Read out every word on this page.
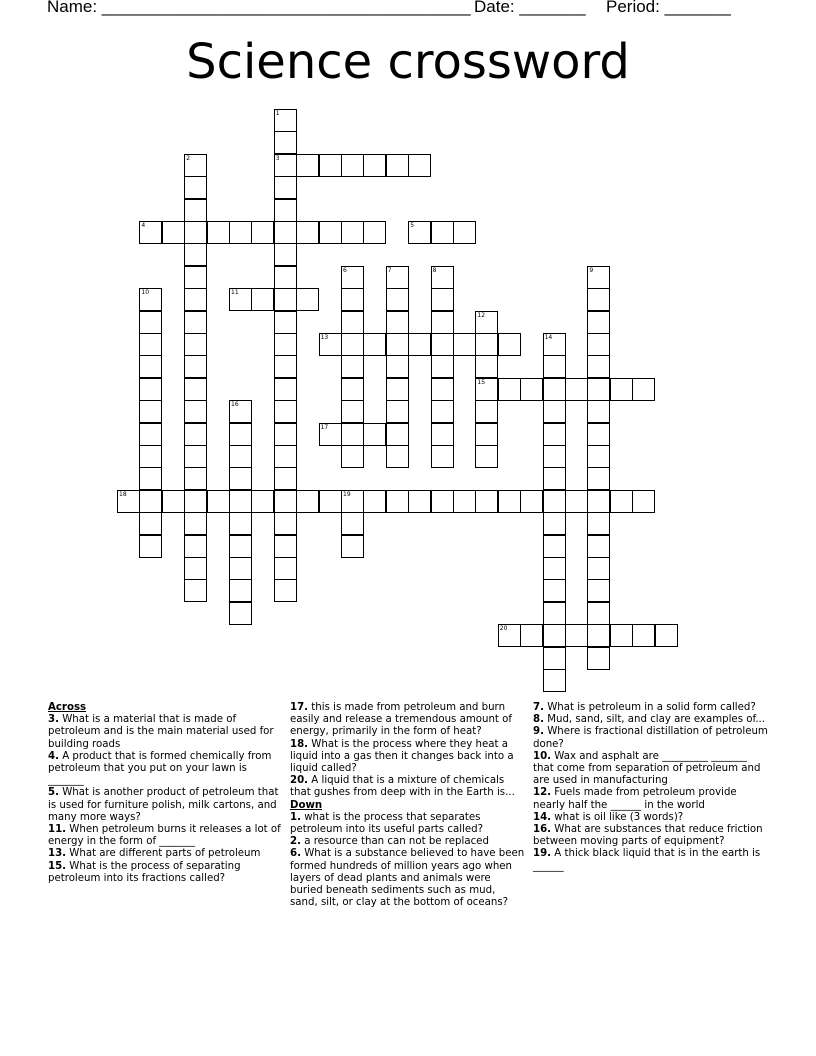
Name: _______________________________________ Date: _______ Period: _______
Science crossword
1
3
2
4	5
6	7	8	9
10	11
12
15
13	14
16
17
18	19
20

Across

3. What is a material that is made of petroleum and is the main material used for building roads

4. A product that is formed chemically from petroleum that you put on your lawn is _______

5. What is another product of petroleum that is used for furniture polish, milk cartons, and many more ways?

11. When petroleum burns it releases a lot of energy in the form of _______

13. What are different parts of petroleum

15. What is the process of separating petroleum into its fractions called?

17. this is made from petroleum and burn easily and release a tremendous amount of energy, primarily in the form of heat?

18. What is the process where they heat a liquid into a gas then it changes back into a liquid called?

20. A liquid that is a mixture of chemicals that gushes from deep with in the Earth is...

Down

1. what is the process that separates petroleum into its useful parts called?

2. a resource than can not be replaced

6. What is a substance believed to have been formed hundreds of million years ago when layers of dead plants and animals were buried beneath sediments such as mud, sand, silt, or clay at the bottom of oceans?

7. What is petroleum in a solid form called?

8. Mud, sand, silt, and clay are examples of...

9. Where is fractional distillation of petroleum done?

10. Wax and asphalt are _________ _______ that come from separation of petroleum and are used in manufacturing

12. Fuels made from petroleum provide nearly half the ______ in the world

14. what is oil like (3 words)?

16. What are substances that reduce friction between moving parts of equipment?

19. A thick black liquid that is in the earth is ______
